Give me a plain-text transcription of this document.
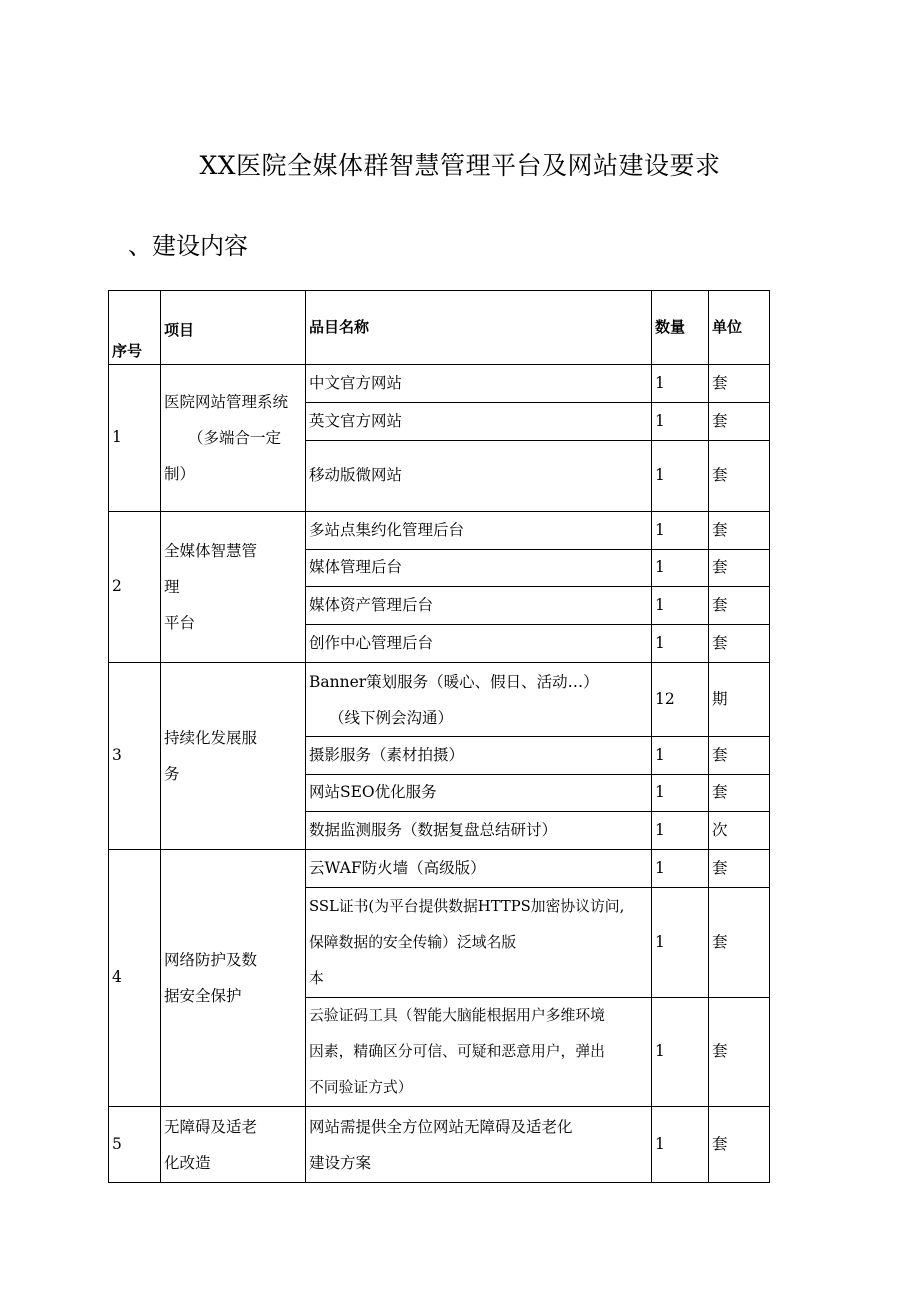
XX医院全媒体群智慧管理平台及网站建设要求
、建设内容
序号	项目	品目名称	数量	单位
1	医院网站管理系统

（多端合一定
制）	中文官方网站	1	套
		英文官方网站	1	套
		移动版微网站	1	套
2	全媒体智慧管
理
平台	多站点集约化管理后台	1	套
		媒体管理后台	1	套
		媒体资产管理后台	1	套
		创作中心管理后台	1	套
3	持续化发展服
务	Banner策划服务（暖心、假日、活动…）
（线下例会沟通）	12	期
		摄影服务（素材拍摄）	1	套
		网站SEO优化服务	1	套
		数据监测服务（数据复盘总结研讨）	1	次
4	网络防护及数
据安全保护	云WAF防火墙（高级版）	1	套
		SSL证书(为平台提供数据HTTPS加密协议访问,
保障数据的安全传输）泛域名版
本	1	套
		云验证码工具（智能大脑能根据用户多维环境
因素，精确区分可信、可疑和恶意用户，弹出
不同验证方式）	1	套
5	无障碍及适老
化改造	网站需提供全方位网站无障碍及适老化
建设方案	1	套
